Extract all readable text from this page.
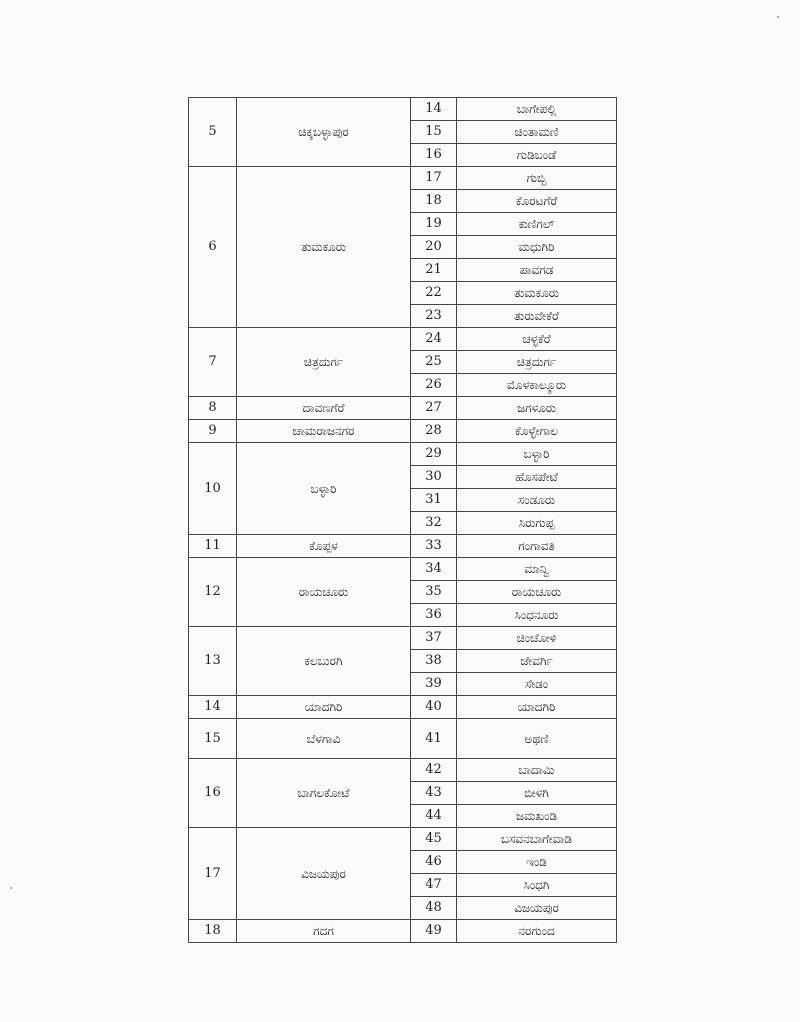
5	ಚಿಕ್ಕಬಳ್ಳಾಪುರ	14	ಬಾಗೇಪಲ್ಲಿ
		15	ಚಿಂತಾಮಣಿ
		16	ಗುಡಿಬಂಡೆ
6	ತುಮಕೂರು	17	ಗುಬ್ಬಿ
		18	ಕೊರಟಗೆರೆ
		19	ಕುಣಿಗಲ್
		20	ಮಧುಗಿರಿ
		21	ಪಾವಗಡ
		22	ತುಮಕೂರು
		23	ತುರುವೇಕೆರೆ
7	ಚಿತ್ರದುರ್ಗ	24	ಚಳ್ಳಕೆರೆ
		25	ಚಿತ್ರದುರ್ಗ
		26	ಮೊಳಕಾಲ್ಮೂರು
8	ದಾವಣಗೆರೆ	27	ಜಗಳೂರು
9	ಚಾಮರಾಜನಗರ	28	ಕೊಳ್ಳೇಗಾಲ
10	ಬಳ್ಳಾರಿ	29	ಬಳ್ಳಾರಿ
		30	ಹೊಸಪೇಟೆ
		31	ಸಂಡೂರು
		32	ಸಿರುಗುಪ್ಪ
11	ಕೊಪ್ಪಳ	33	ಗಂಗಾವತಿ
12	ರಾಯಚೂರು	34	ಮಾನ್ವಿ
		35	ರಾಯಚೂರು
		36	ಸಿಂಧನೂರು
13	ಕಲಬುರಗಿ	37	ಚಿಂಚೋಳಿ
		38	ಜೇವರ್ಗಿ
		39	ಸೇಡಂ
14	ಯಾದಗಿರಿ	40	ಯಾದಗಿರಿ
15	ಬೆಳಗಾವಿ	41	ಅಥಣಿ
16	ಬಾಗಲಕೋಟೆ	42	ಬಾದಾಮಿ
		43	ಬೀಳಗಿ
		44	ಜಮಖಂಡಿ
17	ವಿಜಯಪುರ	45	ಬಸವನಬಾಗೇವಾಡಿ
		46	ಇಂಡಿ
		47	ಸಿಂಧಗಿ
		48	ವಿಜಯಪುರ
18	ಗದಗ	49	ನರಗುಂದ
